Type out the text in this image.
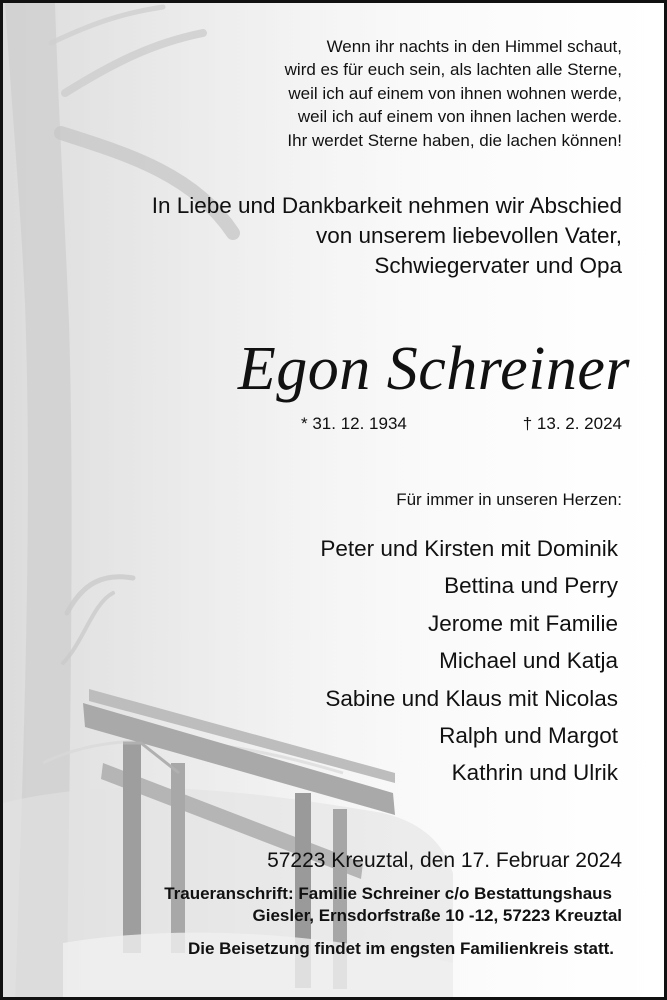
Wenn ihr nachts in den Himmel schaut,
wird es für euch sein, als lachten alle Sterne,
weil ich auf einem von ihnen wohnen werde,
weil ich auf einem von ihnen lachen werde.
Ihr werdet Sterne haben, die lachen können!
In Liebe und Dankbarkeit nehmen wir Abschied
von unserem liebevollen Vater,
Schwiegervater und Opa
Egon Schreiner
* 31. 12. 1934	† 13. 2. 2024
Für immer in unseren Herzen:
Peter und Kirsten mit Dominik
Bettina und Perry
Jerome mit Familie
Michael und Katja
Sabine und Klaus mit Nicolas
Ralph und Margot
Kathrin und Ulrik
57223 Kreuztal, den 17. Februar 2024
Traueranschrift: Familie Schreiner c/o Bestattungshaus
Giesler, Ernsdorfstraße 10 -12, 57223 Kreuztal
Die Beisetzung findet im engsten Familienkreis statt.
